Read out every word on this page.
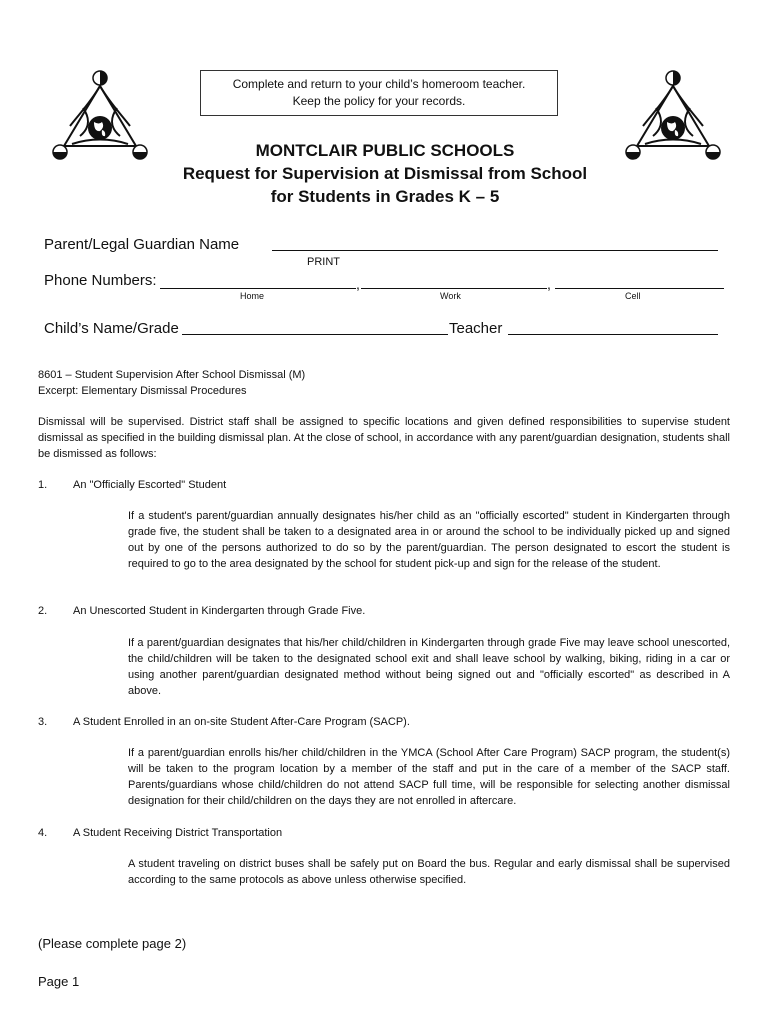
Complete and return to your child’s homeroom teacher.
Keep the policy for your records.
MONTCLAIR PUBLIC SCHOOLS
Request for Supervision at Dismissal from School
for Students in Grades K – 5
Parent/Legal Guardian Name
PRINT
Phone Numbers:	,	,
Home	Work	Cell
Child’s Name/Grade	Teacher
8601 – Student Supervision After School Dismissal (M)
Excerpt: Elementary Dismissal Procedures
Dismissal will be supervised. District staff shall be assigned to specific locations and given defined responsibilities to supervise student dismissal as specified in the building dismissal plan. At the close of school, in accordance with any parent/guardian designation, students shall be dismissed as follows:
1. An "Officially Escorted" Student
If a student's parent/guardian annually designates his/her child as an "officially escorted" student in Kindergarten through grade five, the student shall be taken to a designated area in or around the school to be individually picked up and signed out by one of the persons authorized to do so by the parent/guardian. The person designated to escort the student is required to go to the area designated by the school for student pick-up and sign for the release of the student.
2. An Unescorted Student in Kindergarten through Grade Five.
If a parent/guardian designates that his/her child/children in Kindergarten through grade Five may leave school unescorted, the child/children will be taken to the designated school exit and shall leave school by walking, biking, riding in a car or using another parent/guardian designated method without being signed out and "officially escorted" as described in A above.
3. A Student Enrolled in an on-site Student After-Care Program (SACP).
If a parent/guardian enrolls his/her child/children in the YMCA (School After Care Program) SACP program, the student(s) will be taken to the program location by a member of the staff and put in the care of a member of the SACP staff. Parents/guardians whose child/children do not attend SACP full time, will be responsible for selecting another dismissal designation for their child/children on the days they are not enrolled in aftercare.
4. A Student Receiving District Transportation
A student traveling on district buses shall be safely put on Board the bus. Regular and early dismissal shall be supervised according to the same protocols as above unless otherwise specified.
(Please complete page 2)
Page 1
